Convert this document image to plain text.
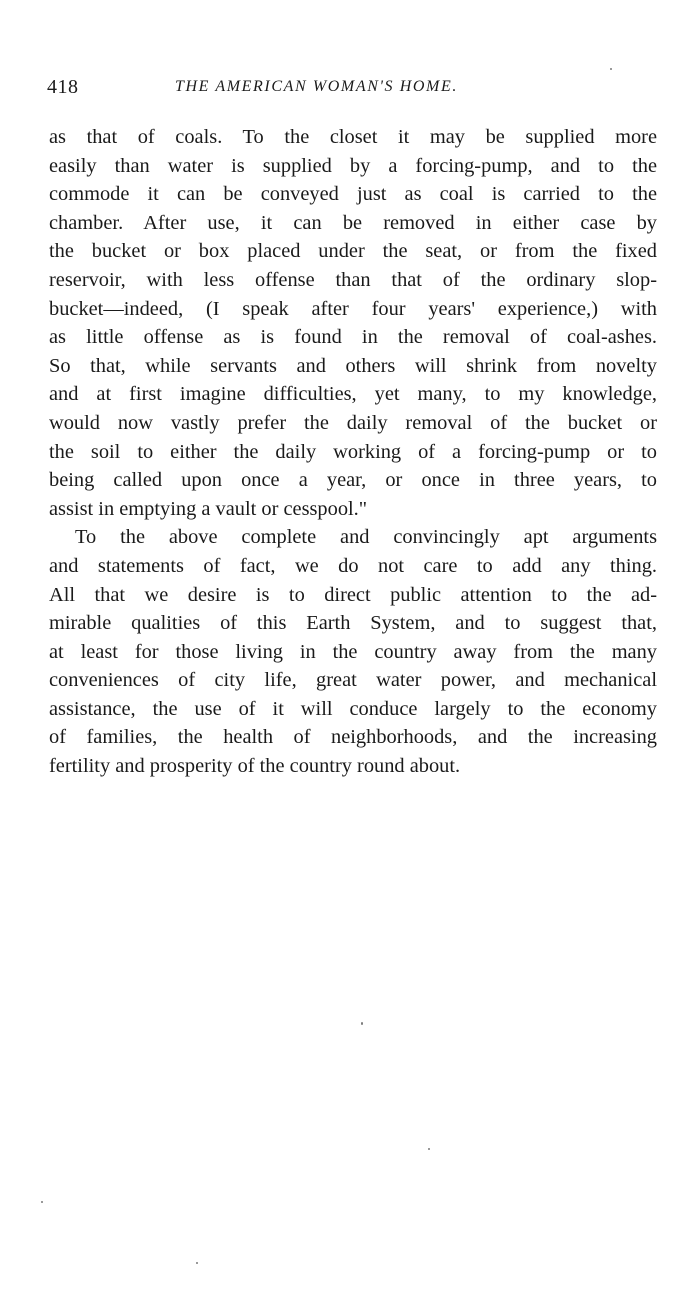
418	THE AMERICAN WOMAN'S HOME.
as that of coals. To the closet it may be supplied more
easily than water is supplied by a forcing-pump, and to the
commode it can be conveyed just as coal is carried to the
chamber. After use, it can be removed in either case by
the bucket or box placed under the seat, or from the fixed
reservoir, with less offense than that of the ordinary slop-
bucket—indeed, (I speak after four years' experience,) with
as little offense as is found in the removal of coal-ashes.
So that, while servants and others will shrink from novelty
and at first imagine difficulties, yet many, to my knowledge,
would now vastly prefer the daily removal of the bucket or
the soil to either the daily working of a forcing-pump or to
being called upon once a year, or once in three years, to
assist in emptying a vault or cesspool."
To the above complete and convincingly apt arguments
and statements of fact, we do not care to add any thing.
All that we desire is to direct public attention to the ad-
mirable qualities of this Earth System, and to suggest that,
at least for those living in the country away from the many
conveniences of city life, great water power, and mechanical
assistance, the use of it will conduce largely to the economy
of families, the health of neighborhoods, and the increasing
fertility and prosperity of the country round about.
